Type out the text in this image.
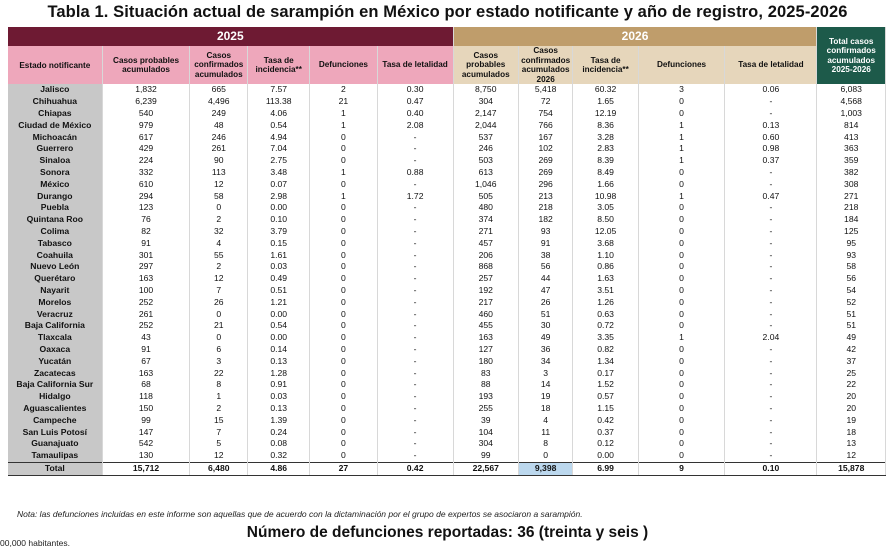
Tabla 1. Situación actual de sarampión en México por estado notificante y año de registro, 2025-2026
2025						2026					Total casos confirmados acumulados 2025-2026
Estado notificante	Casos probables acumulados	Casos confirmados acumulados	Tasa de incidencia**	Defunciones	Tasa de letalidad	Casos probables acumulados	Casos confirmados acumulados 2026	Tasa de incidencia**	Defunciones	Tasa de letalidad	
Jalisco	1,832	665	7.57	2	0.30	8,750	5,418	60.32	3	0.06	6,083
Chihuahua	6,239	4,496	113.38	21	0.47	304	72	1.65	0	-	4,568
Chiapas	540	249	4.06	1	0.40	2,147	754	12.19	0	-	1,003
Ciudad de México	979	48	0.54	1	2.08	2,044	766	8.36	1	0.13	814
Michoacán	617	246	4.94	0	-	537	167	3.28	1	0.60	413
Guerrero	429	261	7.04	0	-	246	102	2.83	1	0.98	363
Sinaloa	224	90	2.75	0	-	503	269	8.39	1	0.37	359
Sonora	332	113	3.48	1	0.88	613	269	8.49	0	-	382
México	610	12	0.07	0	-	1,046	296	1.66	0	-	308
Durango	294	58	2.98	1	1.72	505	213	10.98	1	0.47	271
Puebla	123	0	0.00	0	-	480	218	3.05	0	-	218
Quintana Roo	76	2	0.10	0	-	374	182	8.50	0	-	184
Colima	82	32	3.79	0	-	271	93	12.05	0	-	125
Tabasco	91	4	0.15	0	-	457	91	3.68	0	-	95
Coahuila	301	55	1.61	0	-	206	38	1.10	0	-	93
Nuevo León	297	2	0.03	0	-	868	56	0.86	0	-	58
Querétaro	163	12	0.49	0	-	257	44	1.63	0	-	56
Nayarit	100	7	0.51	0	-	192	47	3.51	0	-	54
Morelos	252	26	1.21	0	-	217	26	1.26	0	-	52
Veracruz	261	0	0.00	0	-	460	51	0.63	0	-	51
Baja California	252	21	0.54	0	-	455	30	0.72	0	-	51
Tlaxcala	43	0	0.00	0	-	163	49	3.35	1	2.04	49
Oaxaca	91	6	0.14	0	-	127	36	0.82	0	-	42
Yucatán	67	3	0.13	0	-	180	34	1.34	0	-	37
Zacatecas	163	22	1.28	0	-	83	3	0.17	0	-	25
Baja California Sur	68	8	0.91	0	-	88	14	1.52	0	-	22
Hidalgo	118	1	0.03	0	-	193	19	0.57	0	-	20
Aguascalientes	150	2	0.13	0	-	255	18	1.15	0	-	20
Campeche	99	15	1.39	0	-	39	4	0.42	0	-	19
San Luis Potosí	147	7	0.24	0	-	104	11	0.37	0	-	18
Guanajuato	542	5	0.08	0	-	304	8	0.12	0	-	13
Tamaulipas	130	12	0.32	0	-	99	0	0.00	0	-	12
Total	15,712	6,480	4.86	27	0.42	22,567	9,398	6.99	9	0.10	15,878
Nota: las defunciones incluidas en este informe son aquellas que de acuerdo con la dictaminación por el grupo de expertos se asociaron a sarampión.
Número de defunciones reportadas: 36 (treinta y seis )
00,000 habitantes.
